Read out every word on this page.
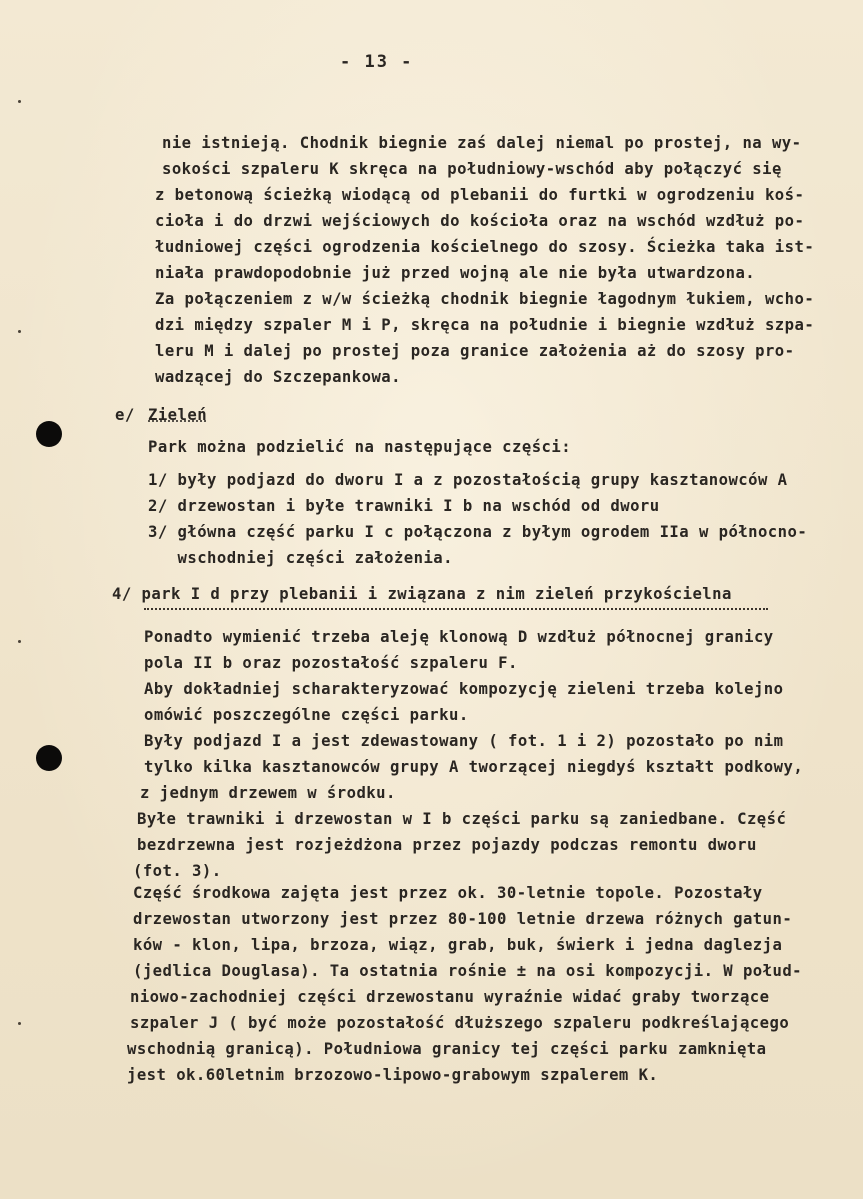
- 13 -
nie istnieją. Chodnik biegnie zaś dalej niemal po prostej, na wy-
sokości szpaleru K skręca na południowy-wschód aby połączyć się
z betonową ścieżką wiodącą od plebanii do furtki w ogrodzeniu koś-
cioła i do drzwi wejściowych do kościoła oraz na wschód wzdłuż po-
łudniowej części ogrodzenia kościelnego do szosy. Ścieżka taka ist-
niała prawdopodobnie już przed wojną ale nie była utwardzona.
Za połączeniem z w/w ścieżką chodnik biegnie łagodnym łukiem, wcho-
dzi między szpaler M i P, skręca na południe i biegnie wzdłuż szpa-
leru M i dalej po prostej poza granice założenia aż do szosy pro-
wadzącej do Szczepankowa.
e/ Zieleń
Park można podzielić na następujące części:
1/ były podjazd do dworu I a z pozostałością grupy kasztanowców A
2/ drzewostan i byłe trawniki I b na wschód od dworu
3/ główna część parku I c połączona z byłym ogrodem IIa w północno-
wschodniej części założenia.
4/ park I d przy plebanii i związana z nim zieleń przykościelna
Ponadto wymienić trzeba aleję klonową D wzdłuż północnej granicy
pola II b oraz pozostałość szpaleru F.
Aby dokładniej scharakteryzować kompozycję zieleni trzeba kolejno
omówić poszczególne części parku.
Były podjazd I a jest zdewastowany ( fot. 1 i 2) pozostało po nim
tylko kilka kasztanowców grupy A tworzącej niegdyś kształt podkowy,
z jednym drzewem w środku.
Byłe trawniki i drzewostan w I b części parku są zaniedbane. Część
bezdrzewna jest rozjeżdżona przez pojazdy podczas remontu dworu
(fot. 3).
Część środkowa zajęta jest przez ok. 30-letnie topole. Pozostały
drzewostan utworzony jest przez 80-100 letnie drzewa różnych gatun-
ków - klon, lipa, brzoza, wiąz, grab, buk, świerk i jedna daglezja
(jedlica Douglasa). Ta ostatnia rośnie ± na osi kompozycji. W połud-
niowo-zachodniej części drzewostanu wyraźnie widać graby tworzące
szpaler J ( być może pozostałość dłuższego szpaleru podkreślającego
wschodnią granicą). Południowa granicy tej części parku zamknięta
jest ok.60letnim brzozowo-lipowo-grabowym szpalerem K.
